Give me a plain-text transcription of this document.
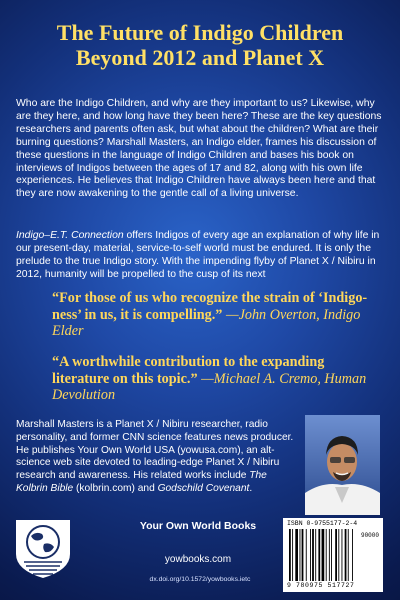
The Future of Indigo Children
Beyond 2012 and Planet X

Who are the Indigo Children, and why are they important to us? Likewise, why are they here, and how long have they been here? These are the key questions researchers and parents often ask, but what about the children? What are their burning questions? Marshall Masters, an Indigo elder, frames his discussion of these questions in the language of Indigo Children and bases his book on interviews of Indigos between the ages of 17 and 82, along with his own life experiences. He believes that Indigo Children have always been here and that they are now awakening to the gentle call of a living universe.

Indigo–E.T. Connection offers Indigos of every age an explanation of why life in our present-day, material, service-to-self world must be endured. It is only the prelude to the true Indigo story. With the impending flyby of Planet X / Nibiru in 2012, humanity will be propelled to the cusp of its next

“For those of us who recognize the strain of ‘Indigo-ness’ in us, it is compelling.” —John Overton, Indigo Elder

“A worthwhile contribution to the expanding literature on this topic.” —Michael A. Cremo, Human Devolution

Marshall Masters is a Planet X / Nibiru researcher, radio personality, and former CNN science features news producer. He publishes Your Own World USA (yowusa.com), an alt-science web site devoted to leading-edge Planet X / Nibiru research and awareness. His related works include The Kolbrin Bible (kolbrin.com) and Godschild Covenant.

Your Own World Books
yowbooks.com
dx.doi.org/10.1572/yowbooks.ietc
ISBN 0-9755177-2-4
90000
9 780975 517727
